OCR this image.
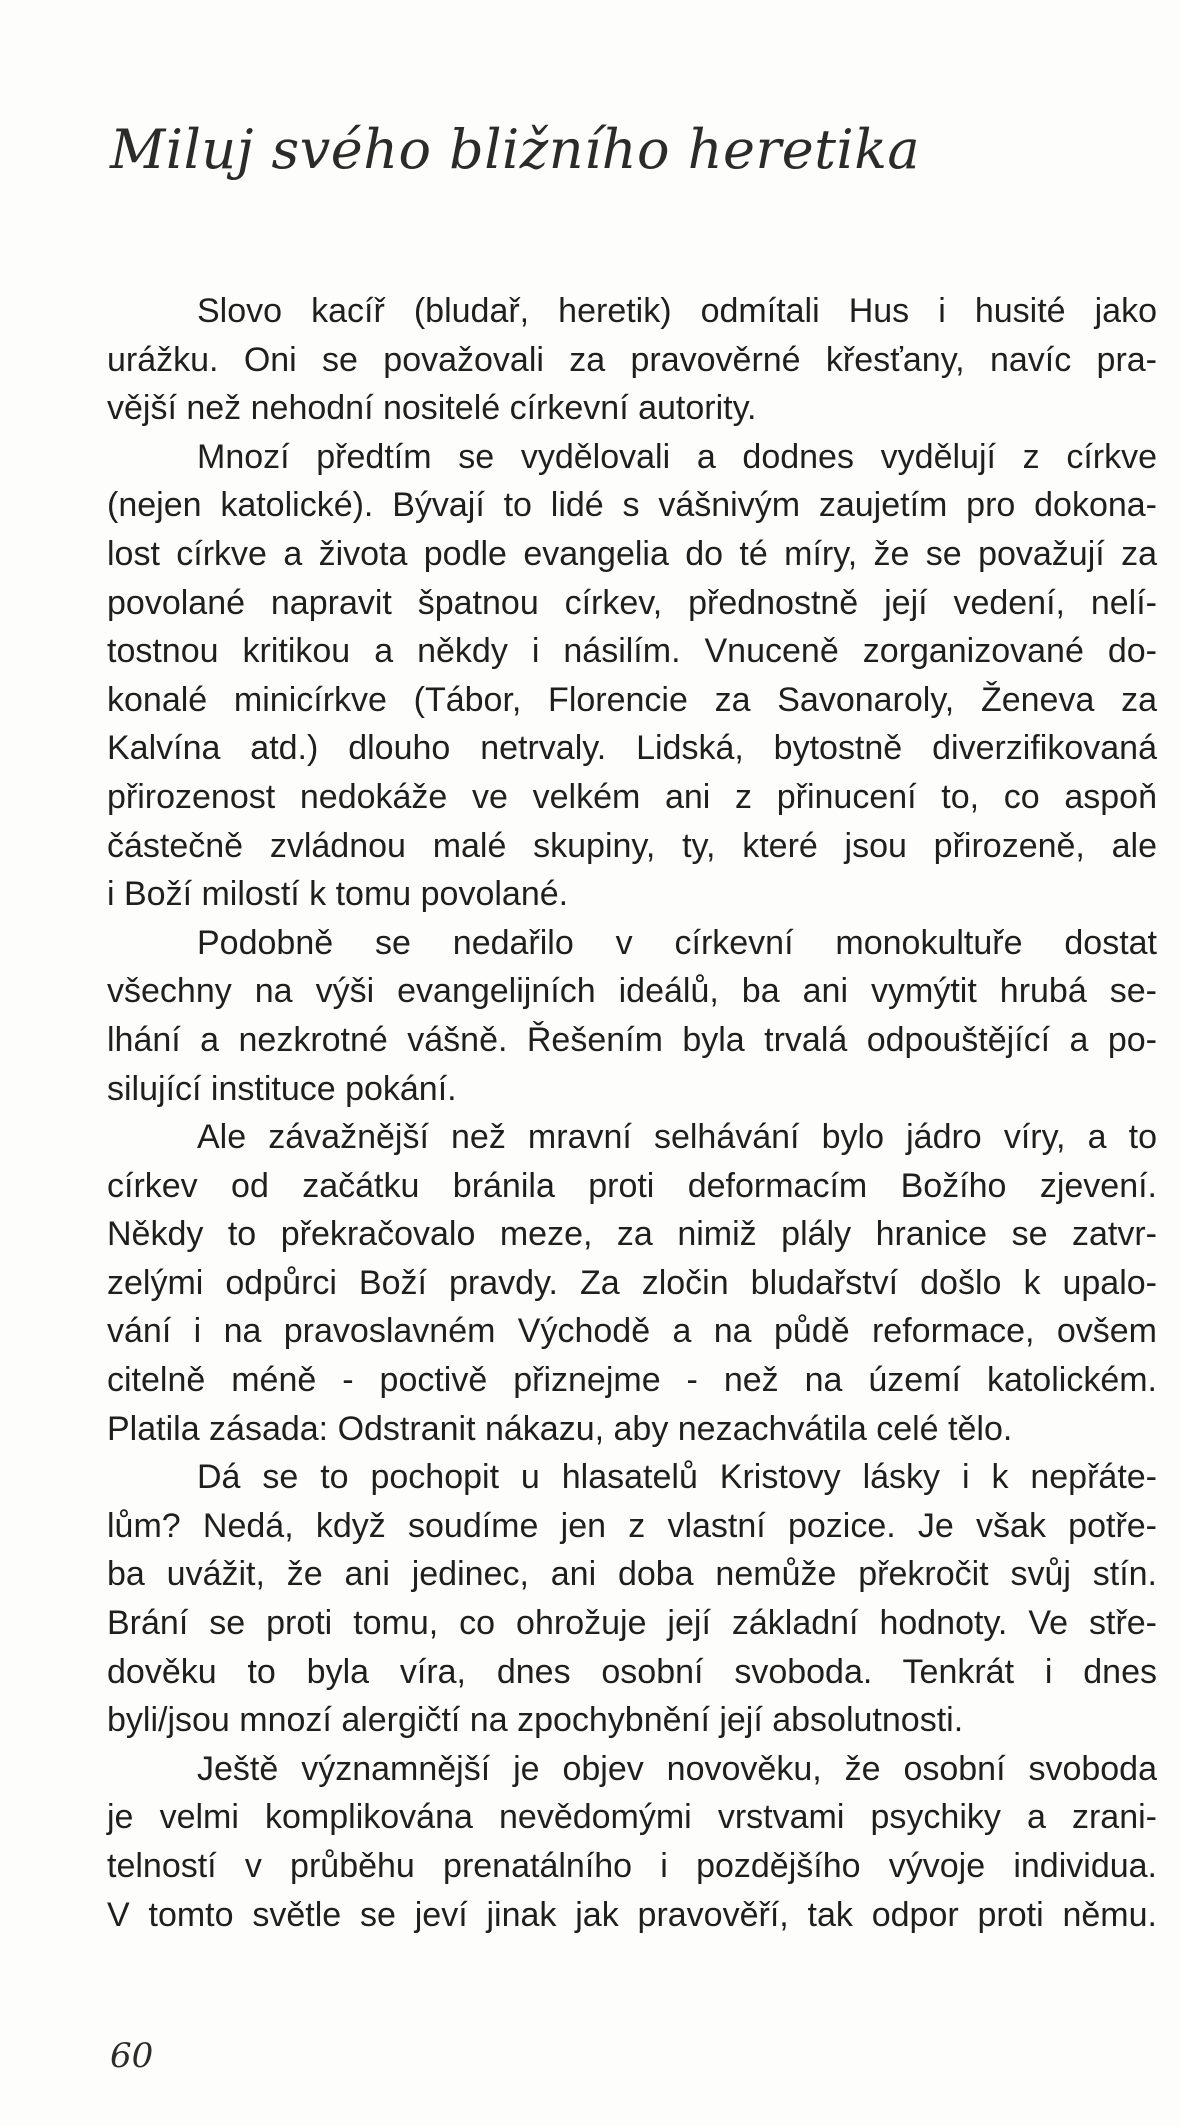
Miluj svého bližního heretika
Slovo kacíř (bludař, heretik) odmítali Hus i husité jako
urážku. Oni se považovali za pravověrné křesťany, navíc pra-
vější než nehodní nositelé církevní autority.
Mnozí předtím se vydělovali a dodnes vydělují z církve
(nejen katolické). Bývají to lidé s vášnivým zaujetím pro dokona-
lost církve a života podle evangelia do té míry, že se považují za
povolané napravit špatnou církev, přednostně její vedení, nelí-
tostnou kritikou a někdy i násilím. Vnuceně zorganizované do-
konalé minicírkve (Tábor, Florencie za Savonaroly, Ženeva za
Kalvína atd.) dlouho netrvaly. Lidská, bytostně diverzifikovaná
přirozenost nedokáže ve velkém ani z přinucení to, co aspoň
částečně zvládnou malé skupiny, ty, které jsou přirozeně, ale
i Boží milostí k tomu povolané.
Podobně se nedařilo v církevní monokultuře dostat
všechny na výši evangelijních ideálů, ba ani vymýtit hrubá se-
lhání a nezkrotné vášně. Řešením byla trvalá odpouštějící a po-
silující instituce pokání.
Ale závažnější než mravní selhávání bylo jádro víry, a to
církev od začátku bránila proti deformacím Božího zjevení.
Někdy to překračovalo meze, za nimiž plály hranice se zatvr-
zelými odpůrci Boží pravdy. Za zločin bludařství došlo k upalo-
vání i na pravoslavném Východě a na půdě reformace, ovšem
citelně méně - poctivě přiznejme - než na území katolickém.
Platila zásada: Odstranit nákazu, aby nezachvátila celé tělo.
Dá se to pochopit u hlasatelů Kristovy lásky i k nepřáte-
lům? Nedá, když soudíme jen z vlastní pozice. Je však potře-
ba uvážit, že ani jedinec, ani doba nemůže překročit svůj stín.
Brání se proti tomu, co ohrožuje její základní hodnoty. Ve stře-
dověku to byla víra, dnes osobní svoboda. Tenkrát i dnes
byli/jsou mnozí alergičtí na zpochybnění její absolutnosti.
Ještě významnější je objev novověku, že osobní svoboda
je velmi komplikována nevědomými vrstvami psychiky a zrani-
telností v průběhu prenatálního i pozdějšího vývoje individua.
V tomto světle se jeví jinak jak pravověří, tak odpor proti němu.
60
